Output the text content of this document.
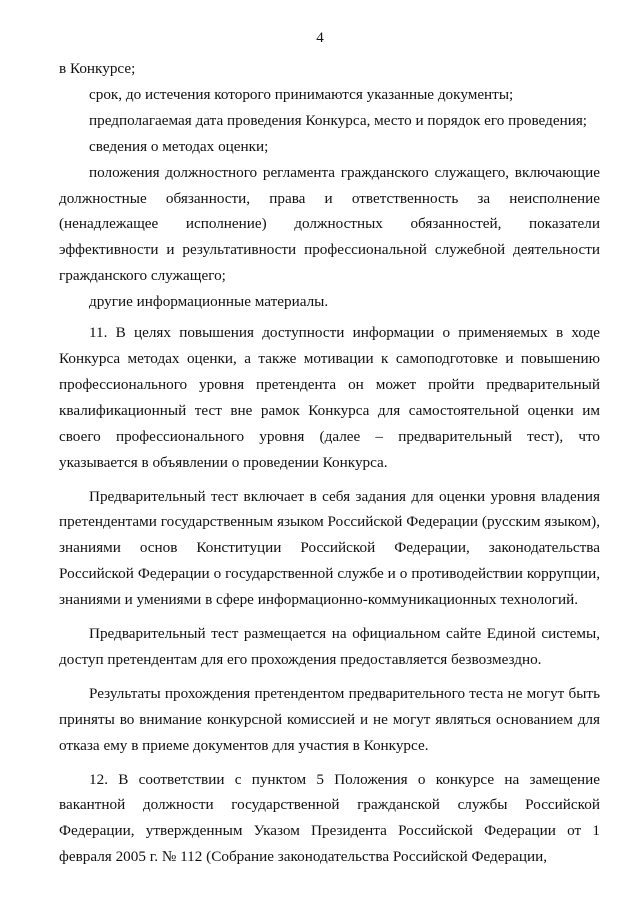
4

в Конкурсе;

срок, до истечения которого принимаются указанные документы;

предполагаемая дата проведения Конкурса, место и порядок его проведения;

сведения о методах оценки;

положения должностного регламента гражданского служащего, включающие должностные обязанности, права и ответственность за неисполнение (ненадлежащее исполнение) должностных обязанностей, показатели эффективности и результативности профессиональной служебной деятельности гражданского служащего;

другие информационные материалы.

11. В целях повышения доступности информации о применяемых в ходе Конкурса методах оценки, а также мотивации к самоподготовке и повышению профессионального уровня претендента он может пройти предварительный квалификационный тест вне рамок Конкурса для самостоятельной оценки им своего профессионального уровня (далее – предварительный тест), что указывается в объявлении о проведении Конкурса.

Предварительный тест включает в себя задания для оценки уровня владения претендентами государственным языком Российской Федерации (русским языком), знаниями основ Конституции Российской Федерации, законодательства Российской Федерации о государственной службе и о противодействии коррупции, знаниями и умениями в сфере информационно-коммуникационных технологий.

Предварительный тест размещается на официальном сайте Единой системы, доступ претендентам для его прохождения предоставляется безвозмездно.

Результаты прохождения претендентом предварительного теста не могут быть приняты во внимание конкурсной комиссией и не могут являться основанием для отказа ему в приеме документов для участия в Конкурсе.

12. В соответствии с пунктом 5 Положения о конкурсе на замещение вакантной должности государственной гражданской службы Российской Федерации, утвержденным Указом Президента Российской Федерации от 1 февраля 2005 г. № 112 (Собрание законодательства Российской Федерации,
